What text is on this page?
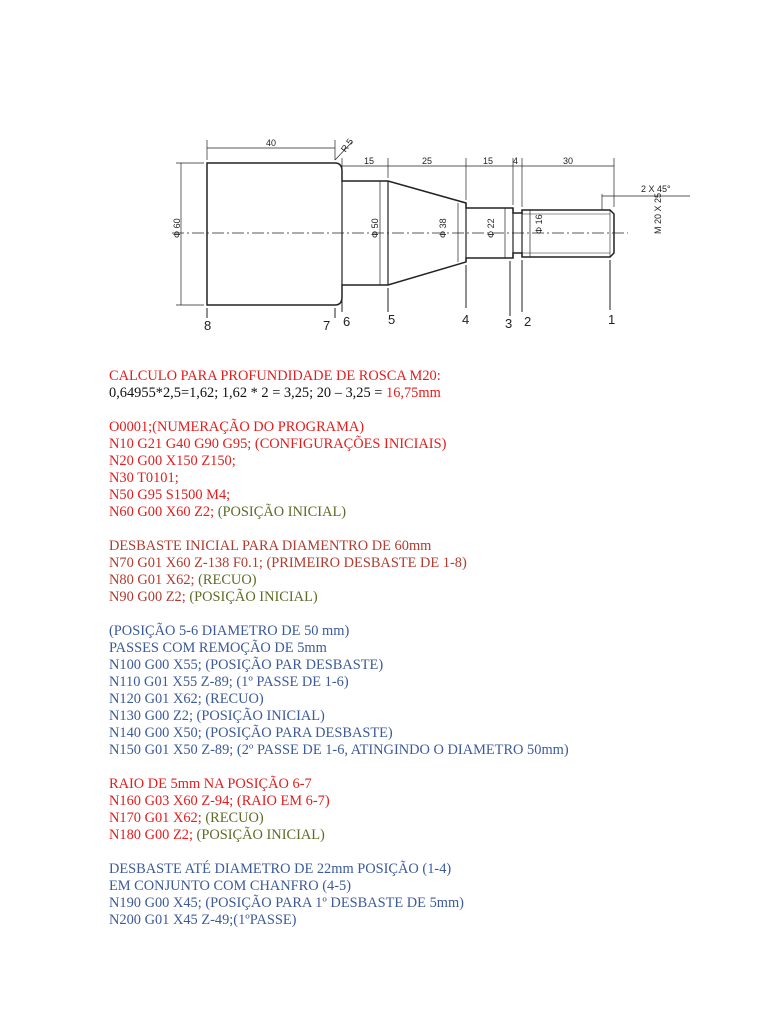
40	R 5
15	25	15 4	30
2 X 45°
Φ 60	Φ 50	Φ 38	Φ 22	Φ 16	M 20 X 25
8	7 6	5	4	3 2	1

CALCULO PARA PROFUNDIDADE DE ROSCA M20:

0,64955*2,5=1,62; 1,62 * 2 = 3,25; 20 – 3,25 = 16,75mm

O0001;(NUMERAÇÃO DO PROGRAMA)

N10 G21 G40 G90 G95; (CONFIGURAÇÕES INICIAIS)

N20 G00 X150 Z150;

N30 T0101;

N50 G95 S1500 M4;

N60 G00 X60 Z2; (POSIÇÃO INICIAL)

DESBASTE INICIAL PARA DIAMENTRO DE 60mm

N70 G01 X60 Z-138 F0.1; (PRIMEIRO DESBASTE DE 1-8)

N80 G01 X62; (RECUO)

N90 G00 Z2; (POSIÇÃO INICIAL)

(POSIÇÃO 5-6 DIAMETRO DE 50 mm)

PASSES COM REMOÇÃO DE 5mm

N100 G00 X55; (POSIÇÃO PAR DESBASTE)

N110 G01 X55 Z-89; (1º PASSE DE 1-6)

N120 G01 X62; (RECUO)

N130 G00 Z2; (POSIÇÃO INICIAL)

N140 G00 X50; (POSIÇÃO PARA DESBASTE)

N150 G01 X50 Z-89; (2º PASSE DE 1-6, ATINGINDO O DIAMETRO 50mm)

RAIO DE 5mm NA POSIÇÃO 6-7

N160 G03 X60 Z-94; (RAIO EM 6-7)

N170 G01 X62; (RECUO)

N180 G00 Z2; (POSIÇÃO INICIAL)

DESBASTE ATÉ DIAMETRO DE 22mm POSIÇÃO (1-4)

EM CONJUNTO COM CHANFRO (4-5)

N190 G00 X45; (POSIÇÃO PARA 1º DESBASTE DE 5mm)

N200 G01 X45 Z-49;(1ºPASSE)
